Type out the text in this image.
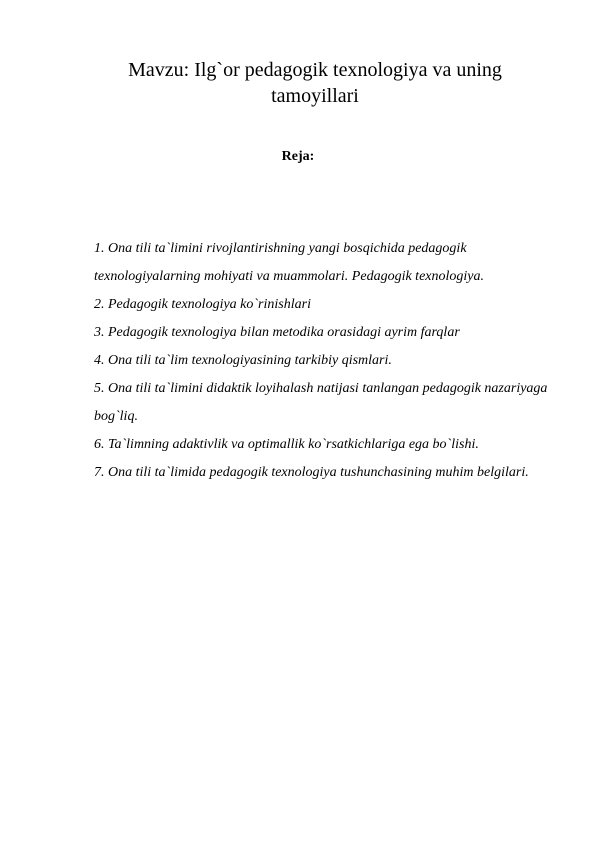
Mavzu: Ilg`or pedagogik texnologiya va uning
tamoyillari

Reja:

1. Ona tili ta`limini rivojlantirishning yangi bosqichida pedagogik texnologiyalarning mohiyati va muammolari. Pedagogik texnologiya.
2. Pedagogik texnologiya ko`rinishlari
3. Pedagogik texnologiya bilan metodika orasidagi ayrim farqlar
4. Ona tili ta`lim texnologiyasining tarkibiy qismlari.
5. Ona tili ta`limini didaktik loyihalash natijasi tanlangan pedagogik nazariyaga bog`liq.
6. Ta`limning adaktivlik va optimallik ko`rsatkichlariga ega bo`lishi.
7. Ona tili ta`limida pedagogik texnologiya tushunchasining muhim belgilari.
